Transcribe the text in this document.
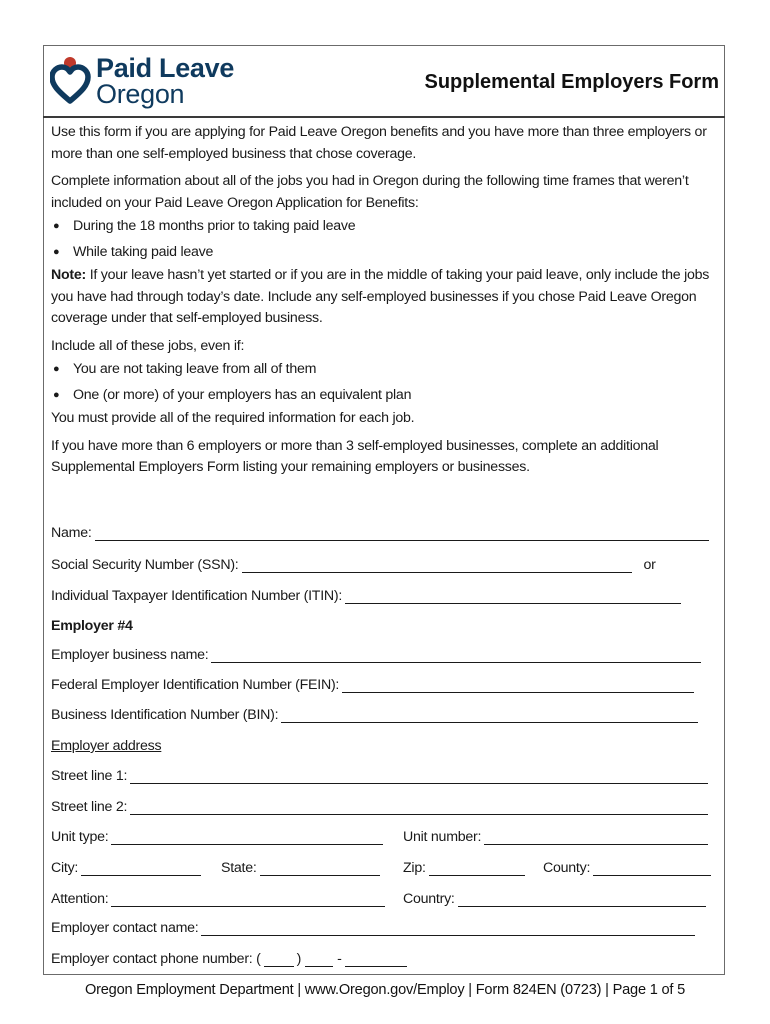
Paid Leave
Oregon	Supplemental Employers Form

Use this form if you are applying for Paid Leave Oregon benefits and you have more than three employers or more than one self-employed business that chose coverage.

Complete information about all of the jobs you had in Oregon during the following time frames that weren’t included on your Paid Leave Oregon Application for Benefits:

● During the 18 months prior to taking paid leave
● While taking paid leave

Note: If your leave hasn’t yet started or if you are in the middle of taking your paid leave, only include the jobs you have had through today’s date. Include any self-employed businesses if you chose Paid Leave Oregon coverage under that self-employed business.

Include all of these jobs, even if:

● You are not taking leave from all of them
● One (or more) of your employers has an equivalent plan

You must provide all of the required information for each job.

If you have more than 6 employers or more than 3 self-employed businesses, complete an additional Supplemental Employers Form listing your remaining employers or businesses.

Name:
Social Security Number (SSN):	or
Individual Taxpayer Identification Number (ITIN):
Employer #4
Employer business name:
Federal Employer Identification Number (FEIN):
Business Identification Number (BIN):
Employer address
Street line 1:
Street line 2:
Unit type:	Unit number:
City:	State:	Zip:	County:
Attention:	Country:
Employer contact name:
Employer contact phone number: (	)	-
Oregon Employment Department | www.Oregon.gov/Employ | Form 824EN (0723) | Page 1 of 5
